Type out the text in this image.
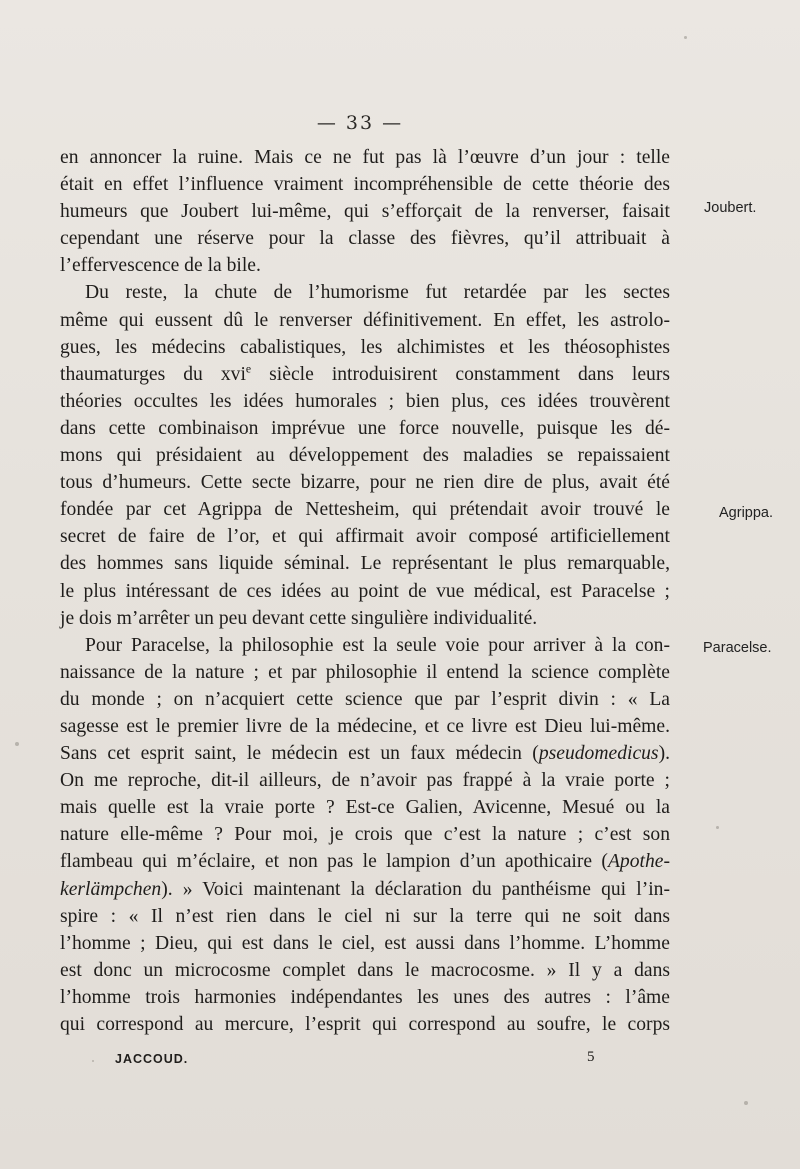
— 33 —
en annoncer la ruine. Mais ce ne fut pas là l’œuvre d’un jour : telle
était en effet l’influence vraiment incompréhensible de cette théorie des
humeurs que Joubert lui-même, qui s’efforçait de la renverser, faisait
cependant une réserve pour la classe des fièvres, qu’il attribuait à
l’effervescence de la bile.
Du reste, la chute de l’humorisme fut retardée par les sectes
même qui eussent dû le renverser définitivement. En effet, les astrolo-
gues, les médecins cabalistiques, les alchimistes et les théosophistes
thaumaturges du xvi$^e$ siècle introduisirent constamment dans leurs
théories occultes les idées humorales ; bien plus, ces idées trouvèrent
dans cette combinaison imprévue une force nouvelle, puisque les dé-
mons qui présidaient au développement des maladies se repaissaient
tous d’humeurs. Cette secte bizarre, pour ne rien dire de plus, avait été
fondée par cet Agrippa de Nettesheim, qui prétendait avoir trouvé le
secret de faire de l’or, et qui affirmait avoir composé artificiellement
des hommes sans liquide séminal. Le représentant le plus remarquable,
le plus intéressant de ces idées au point de vue médical, est Paracelse ;
je dois m’arrêter un peu devant cette singulière individualité.
Pour Paracelse, la philosophie est la seule voie pour arriver à la con-
naissance de la nature ; et par philosophie il entend la science complète
du monde ; on n’acquiert cette science que par l’esprit divin : « La
sagesse est le premier livre de la médecine, et ce livre est Dieu lui-même.
Sans cet esprit saint, le médecin est un faux médecin (pseudomedicus).
On me reproche, dit-il ailleurs, de n’avoir pas frappé à la vraie porte ;
mais quelle est la vraie porte ? Est-ce Galien, Avicenne, Mesué ou la
nature elle-même ? Pour moi, je crois que c’est la nature ; c’est son
flambeau qui m’éclaire, et non pas le lampion d’un apothicaire (Apothe-
kerlämpchen). » Voici maintenant la déclaration du panthéisme qui l’in-
spire : « Il n’est rien dans le ciel ni sur la terre qui ne soit dans
l’homme ; Dieu, qui est dans le ciel, est aussi dans l’homme. L’homme
est donc un microcosme complet dans le macrocosme. » Il y a dans
l’homme trois harmonies indépendantes les unes des autres : l’âme
qui correspond au mercure, l’esprit qui correspond au soufre, le corps
Joubert.
Agrippa.
Paracelse.
JACCOUD.	5
